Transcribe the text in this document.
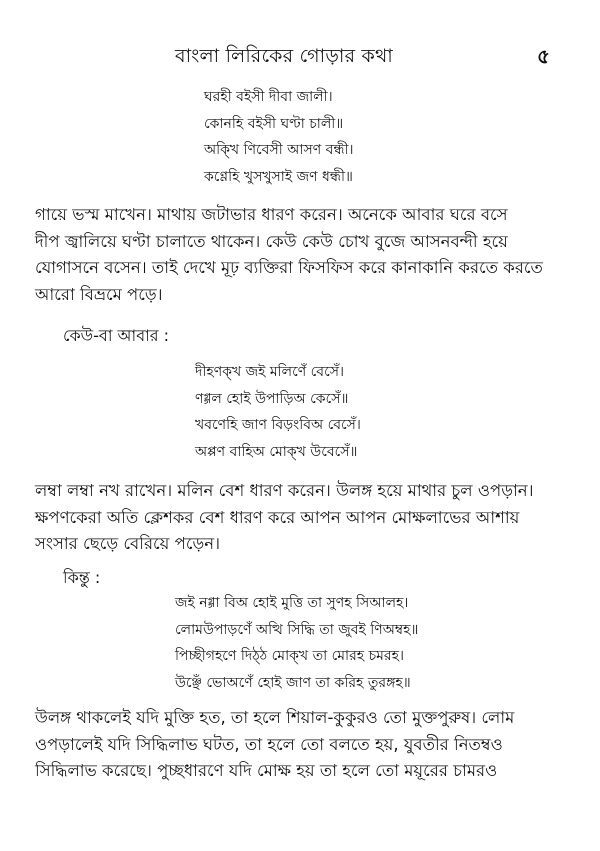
বাংলা লিরিকের গোড়ার কথা	৫
ঘরহী বইসী দীবা জালী।
কোনহি বইসী ঘণ্টা চালী॥
অক্খি ণিবেসী আসণ বন্ধী।
কণ্ণেহি খুসখুসাই জণ ধন্ধী॥
গায়ে ভস্ম মাখেন। মাথায় জটাভার ধারণ করেন। অনেকে আবার ঘরে বসে
দীপ জ্বালিয়ে ঘণ্টা চালাতে থাকেন। কেউ কেউ চোখ বুজে আসনবন্দী হয়ে
যোগাসনে বসেন। তাই দেখে মূঢ় ব্যক্তিরা ফিসফিস করে কানাকানি করতে করতে
আরো বিভ্রমে পড়ে।
কেউ-বা আবার :
দীহণক্খ জই মলিণেঁ বেসেঁ।
ণগ্গল হোই উপাড়িঅ কেসেঁ॥
খবণেহি জাণ বিড়ংবিঅ বেসেঁ।
অপ্পণ বাহিঅ মোক্খ উবেসেঁ॥
লম্বা লম্বা নখ রাখেন। মলিন বেশ ধারণ করেন। উলঙ্গ হয়ে মাথার চুল ওপড়ান।
ক্ষপণকেরা অতি ক্লেশকর বেশ ধারণ করে আপন আপন মোক্ষলাভের আশায়
সংসার ছেড়ে বেরিয়ে পড়েন।
কিন্তু :
জই নগ্গা বিঅ হোই মুত্তি তা সুণহ সিআলহ।
লোমউপাড়ণেঁ অত্থি সিদ্ধি তা জুবই ণিঅম্বহ॥
পিচ্ছীগহণে দিঠ্ঠ মোক্খ তা মোরহ চমরহ।
উঞ্ছেঁ ভোঅণেঁ হোই জাণ তা করিহ তুরঙ্গহ॥
উলঙ্গ থাকলেই যদি মুক্তি হত, তা হলে শিয়াল-কুকুরও তো মুক্তপুরুষ। লোম
ওপড়ালেই যদি সিদ্ধিলাভ ঘটত, তা হলে তো বলতে হয়, যুবতীর নিতম্বও
সিদ্ধিলাভ করেছে। পুচ্ছধারণে যদি মোক্ষ হয় তা হলে তো ময়ূরের চামরও
